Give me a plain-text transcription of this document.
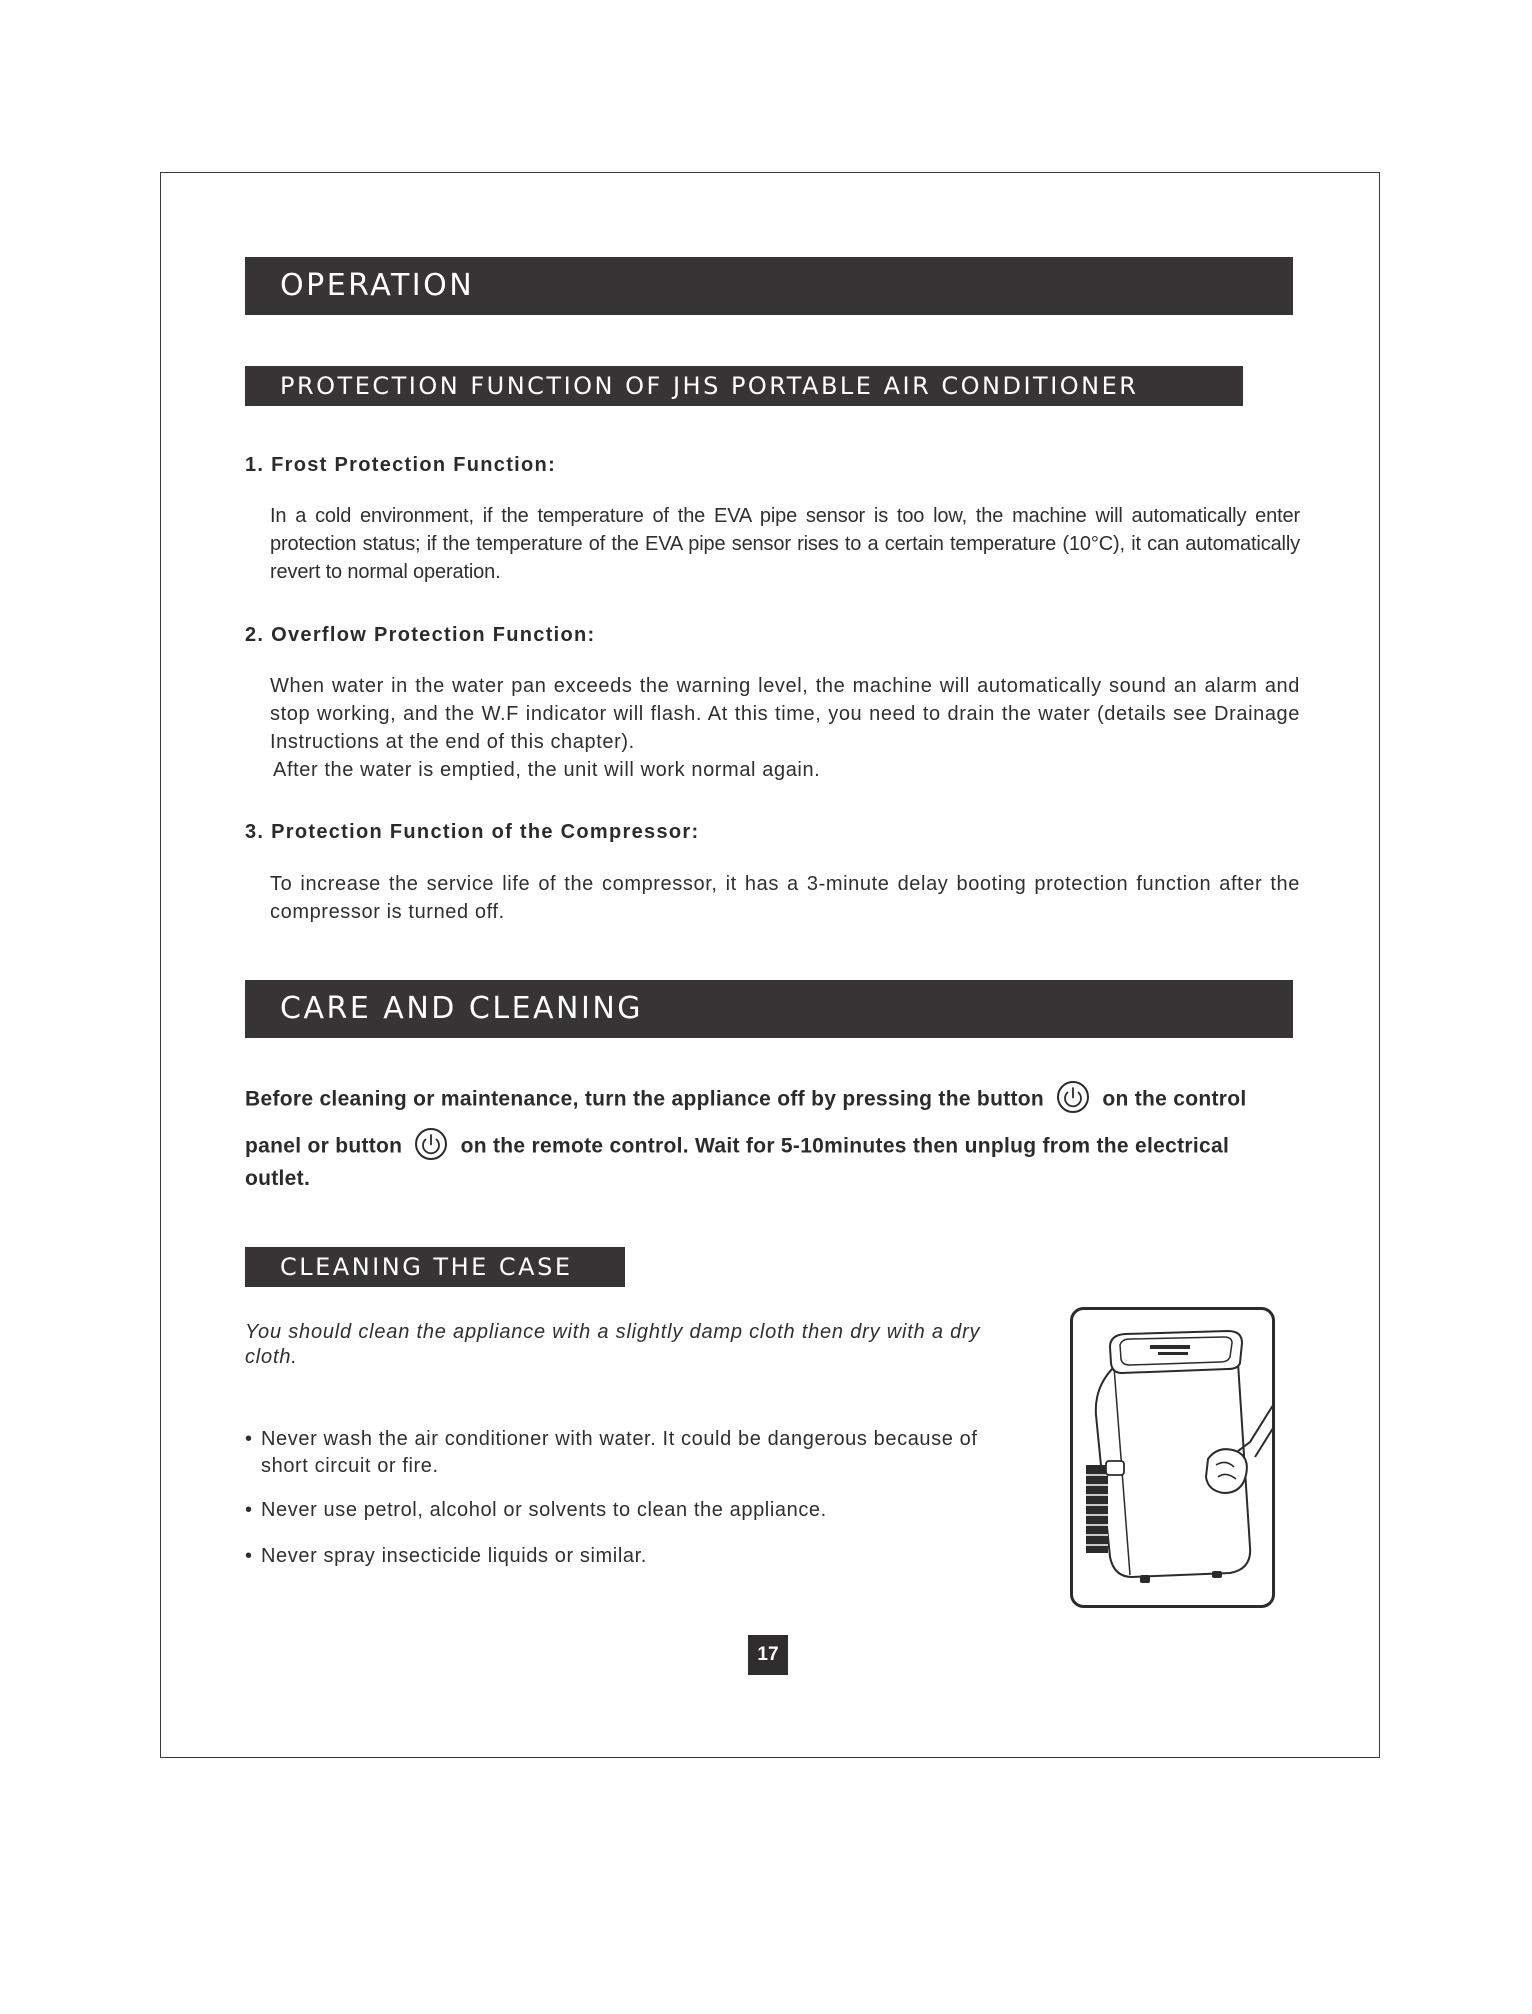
OPERATION
PROTECTION FUNCTION OF JHS PORTABLE AIR CONDITIONER
1. Frost Protection Function:
In a cold environment, if the temperature of the EVA pipe sensor is too low, the machine will automatically enter protection status; if the temperature of the EVA pipe sensor rises to a certain temperature (10°C), it can automatically revert to normal operation.
2. Overflow Protection Function:
When water in the water pan exceeds the warning level, the machine will automatically sound an alarm and stop working, and the W.F indicator will flash. At this time, you need to drain the water (details see Drainage Instructions at the end of this chapter).
After the water is emptied, the unit will work normal again.
3. Protection Function of the Compressor:
To increase the service life of the compressor, it has a 3-minute delay booting protection function after the compressor is turned off.
CARE AND CLEANING
Before cleaning or maintenance, turn the appliance off by pressing the button	on the control
panel or button	on the remote control. Wait for 5-10minutes then unplug from the electrical
outlet.
CLEANING THE CASE
You should clean the appliance with a slightly damp cloth then dry with a dry cloth.
• Never wash the air conditioner with water. It could be dangerous because of short circuit or fire.
• Never use petrol, alcohol or solvents to clean the appliance.
• Never spray insecticide liquids or similar.
17
